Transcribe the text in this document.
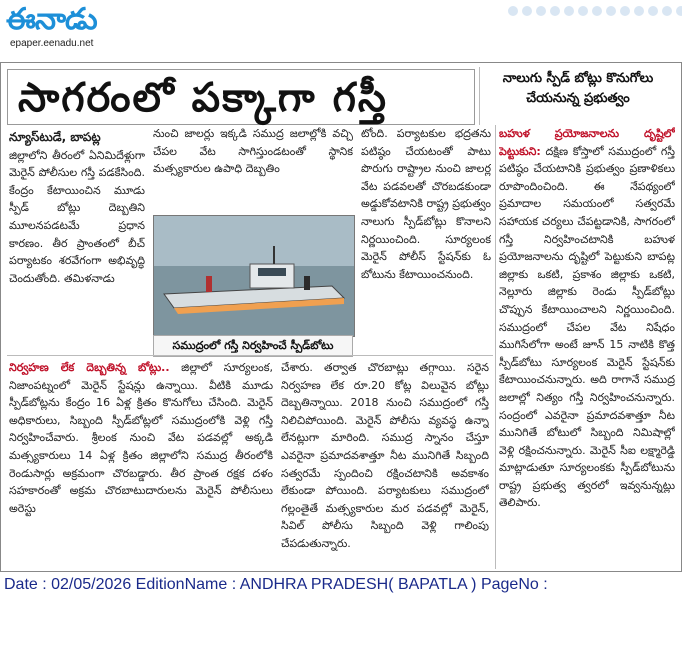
ఈనాడు
epaper.eenadu.net
సాగరంలో పక్కాగా గస్తీ	నాలుగు స్పీడ్ బోట్లు కొనుగోలు
చేయనున్న ప్రభుత్వం

న్యూస్‌టుడే, బాపట్ల

జిల్లాలోని తీరంలో ఏనిమిదేళ్లుగా మెరైన్ పోలీసుల గస్తీ పడకేసింది. కేంద్రం కేటాయించిన మూడు స్పీడ్ బోట్లు దెబ్బతిని మూలనపడటమే ప్రధాన కారణం. తీర ప్రాంతంలో బీచ్ పర్యాటకం శరవేగంగా అభివృద్ధి చెందుతోంది. తమిళనాడు

నుంచి జాలర్లు ఇక్కడి సముద్ర జలాల్లోకి వచ్చి చేపల వేట సాగిస్తుండటంతో స్థానిక మత్స్యకారుల ఉపాధి దెబ్బతిం

సముద్రంలో గస్తీ నిర్వహించే స్పీడ్‌బోటు

టోంది. పర్యాటకుల భద్రతను పటిష్ఠం చేయటంతో పాటు పొరుగు రాష్ట్రాల నుంచి జాలర్ల వేట పడవలతో చొరబడకుండా అడ్డుకోవటానికి రాష్ట్ర ప్రభుత్వం నాలుగు స్పీడ్‌బోట్లు కొనాలని నిర్ణయించింది. సూర్యలంక మెరైన్ పోలీస్ స్టేషన్‌కు ఓ బోటును కేటాయించనుంది.

బహుళ ప్రయోజనాలను దృష్టిలో పెట్టుకుని: దక్షిణ కోస్తాలో సముద్రంలో గస్తీ పటిష్ఠం చేయటానికి ప్రభుత్వం ప్రణాళికలు రూపొందించింది. ఈ నేపథ్యంలో ప్రమాదాల సమయంలో సత్వరమే సహాయక చర్యలు చేపట్టడానికి, సాగరంలో గస్తీ నిర్వహించటానికి బహుళ ప్రయోజనాలను దృష్టిలో పెట్టుకుని బాపట్ల జిల్లాకు ఒకటి, ప్రకాశం జిల్లాకు ఒకటి, నెల్లూరు జిల్లాకు రెండు స్పీడ్‌బోట్లు చొప్పున కేటాయించాలని నిర్ణయించింది. సముద్రంలో చేపల వేట నిషేధం ముగిసేలోగా అంటే జూన్ 15 నాటికి కొత్త స్పీడ్‌బోటు సూర్యలంక మెరైన్ స్టేషన్‌కు కేటాయించనున్నారు. అది రాగానే సముద్ర జలాల్లో నిత్యం గస్తీ నిర్వహించనున్నారు. సంద్రంలో ఎవరైనా ప్రమాదవశాత్తూ నీట మునిగితే బోటులో సిబ్బంది నిమిషాల్లో వెళ్లి రక్షించనున్నారు. మెరైన్ సీఐ లక్ష్మారెడ్డి మాట్లాడుతూ సూర్యలంకకు స్పీడ్‌బోటును రాష్ట్ర ప్రభుత్వ త్వరలో ఇవ్వనున్నట్లు తెలిపారు.

నిర్వహణ లేక దెబ్బతిన్న బోట్లు.. జిల్లాలో సూర్యలంక, నిజాంపట్నంలో మెరైన్ స్టేషన్లు ఉన్నాయి. వీటికి మూడు స్పీడ్‌బోట్లను కేంద్రం 16 ఏళ్ల క్రితం కొనుగోలు చేసింది. మెరైన్ అధికారులు, సిబ్బంది స్పీడ్‌బోట్లలో సముద్రంలోకి వెళ్లి గస్తీ నిర్వహించేవారు. శ్రీలంక నుంచి వేట పడవల్లో అక్కడి మత్స్యకారులు 14 ఏళ్ల క్రితం జిల్లాలోని సముద్ర తీరంలోకి రెండుసార్లు అక్రమంగా చొరబడ్డారు. తీర ప్రాంత రక్షక దళం సహకారంతో అక్రమ చొరబాటుదారులను మెరైన్ పోలీసులు అరెస్టు

చేశారు. తర్వాత చొరబాట్లు తగ్గాయి. సరైన నిర్వహణ లేక రూ.20 కోట్ల విలువైన బోట్లు దెబ్బతిన్నాయి. 2018 నుంచి సముద్రంలో గస్తీ నిలిచిపోయింది. మెరైన్ పోలీసు వ్యవస్థ ఉన్నా లేనట్లుగా మారింది. సముద్ర స్నానం చేస్తూ ఎవరైనా ప్రమాదవశాత్తూ నీట మునిగితే సిబ్బంది సత్వరమే స్పందించి రక్షించటానికి అవకాశం లేకుండా పోయింది. పర్యాటకులు సముద్రంలో గల్లంతైతే మత్స్యకారుల మర పడవల్లో మెరైన్, సివిల్ పోలీసు సిబ్బంది వెళ్లి గాలింపు చేపడుతున్నారు.

Date : 02/05/2026 EditionName : ANDHRA PRADESH( BAPATLA ) PageNo :
